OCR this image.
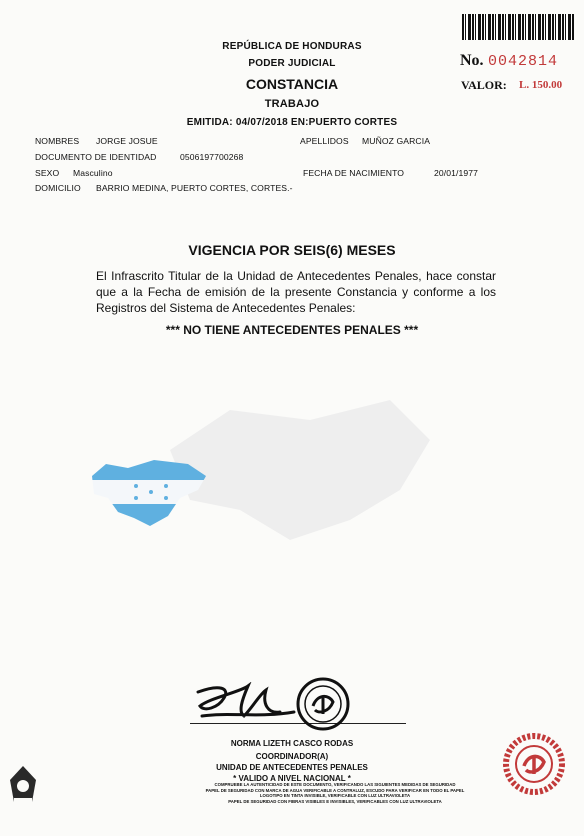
REPÚBLICA DE HONDURAS
PODER JUDICIAL
CONSTANCIA
TRABAJO
EMITIDA: 04/07/2018 EN:PUERTO CORTES
No. 0042814
VALOR: L. 150.00
NOMBRES JORGE JOSUE	APELLIDOS MUÑOZ GARCIA
DOCUMENTO DE IDENTIDAD	0506197700268
SEXO Masculino	FECHA DE NACIMIENTO	20/01/1977
DOMICILIO BARRIO MEDINA, PUERTO CORTES, CORTES.-
VIGENCIA POR SEIS(6) MESES
El Infrascrito Titular de la Unidad de Antecedentes Penales, hace constar que a la Fecha de emisión de la presente Constancia y conforme a los Registros del Sistema de Antecedentes Penales:
*** NO TIENE ANTECEDENTES PENALES ***
NORMA LIZETH CASCO RODAS
COORDINADOR(A)
UNIDAD DE ANTECEDENTES PENALES
* VALIDO A NIVEL NACIONAL *
COMPRUEBE LA AUTENTICIDAD DE ESTE DOCUMENTO, VERIFICANDO LAS SIGUIENTES MEDIDAS DE SEGURIDAD
PAPEL DE SEGURIDAD CON MARCA DE AGUA VERIFICABLE A CONTRALUZ, ESCUDO PARA VERIFICAR EN TODO EL PAPEL
LOGOTIPO EN TINTA INVISIBLE, VERIFICABLE CON LUZ ULTRAVIOLETA
PAPEL DE SEGURIDAD CON FIBRAS VISIBLES E INVISIBLES, VERIFICABLES CON LUZ ULTRAVIOLETA
